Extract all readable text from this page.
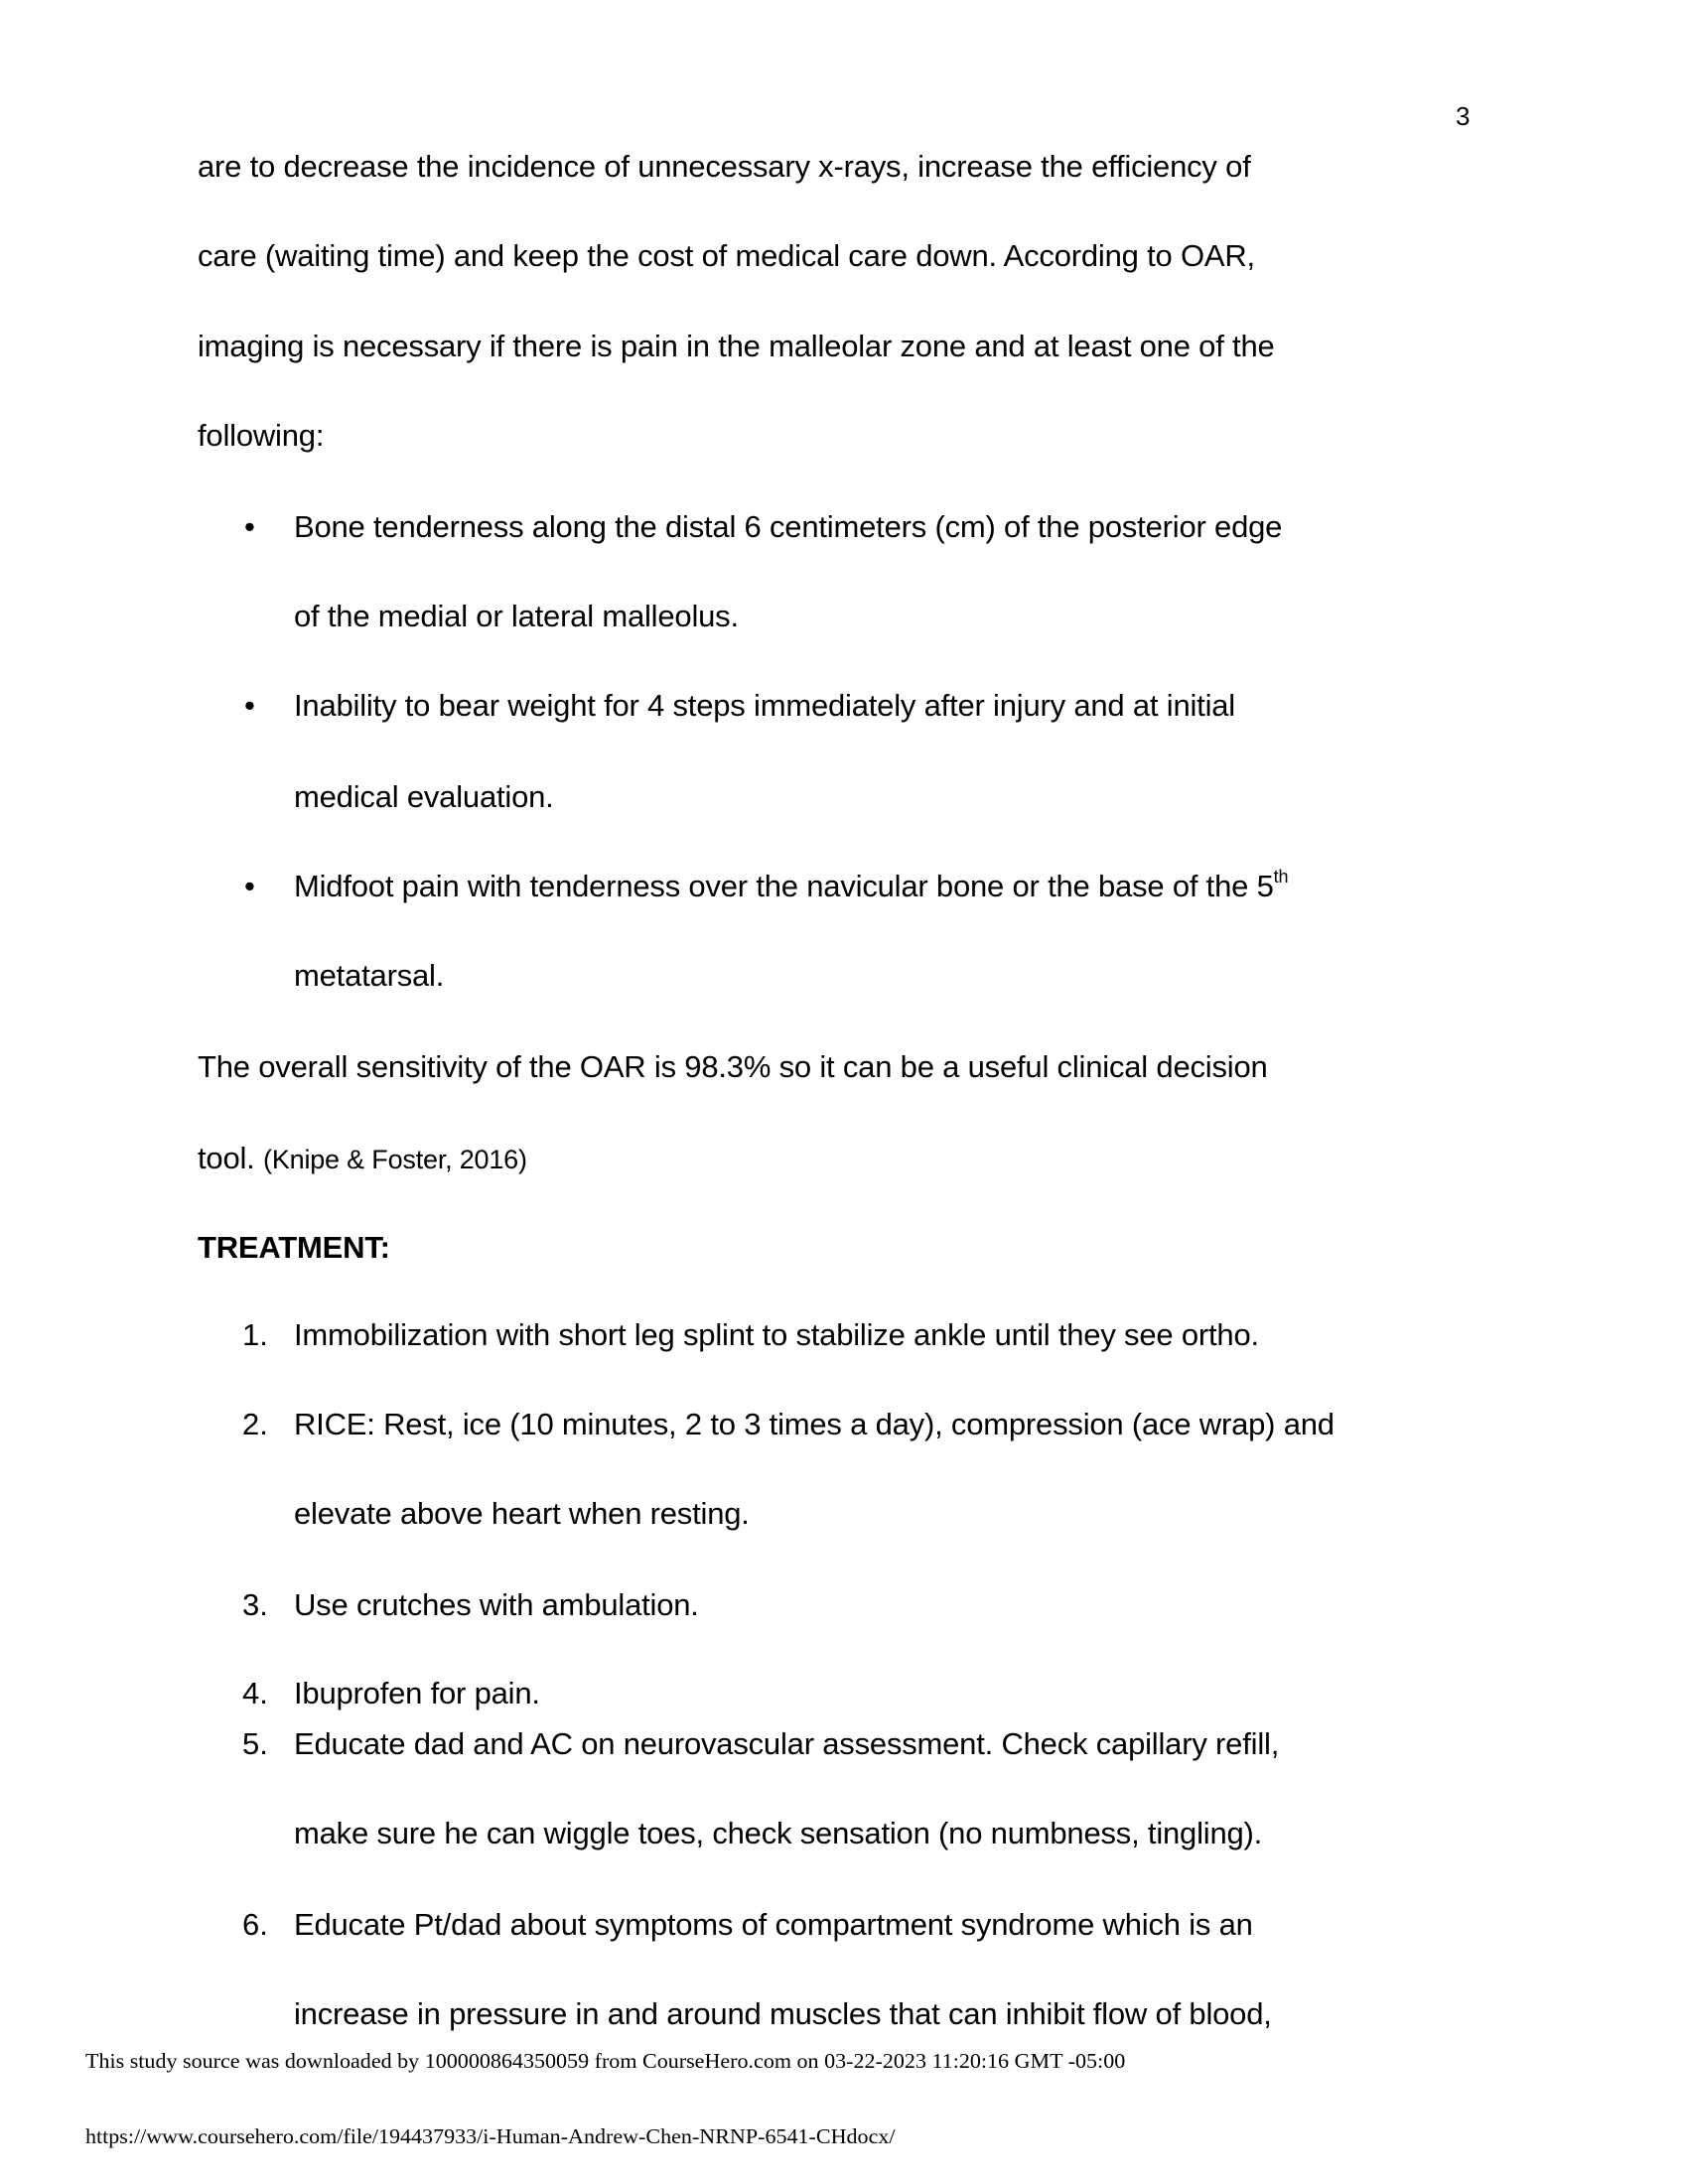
3
are to decrease the incidence of unnecessary x-rays, increase the efficiency of
care (waiting time) and keep the cost of medical care down. According to OAR,
imaging is necessary if there is pain in the malleolar zone and at least one of the
following:
• Bone tenderness along the distal 6 centimeters (cm) of the posterior edge
of the medial or lateral malleolus.
• Inability to bear weight for 4 steps immediately after injury and at initial
medical evaluation.
• Midfoot pain with tenderness over the navicular bone or the base of the 5th
metatarsal.
The overall sensitivity of the OAR is 98.3% so it can be a useful clinical decision
tool. (Knipe & Foster, 2016)
TREATMENT:
1. Immobilization with short leg splint to stabilize ankle until they see ortho.
2. RICE: Rest, ice (10 minutes, 2 to 3 times a day), compression (ace wrap) and
elevate above heart when resting.
3. Use crutches with ambulation.
4. Ibuprofen for pain.
5. Educate dad and AC on neurovascular assessment. Check capillary refill,
make sure he can wiggle toes, check sensation (no numbness, tingling).
6. Educate Pt/dad about symptoms of compartment syndrome which is an
increase in pressure in and around muscles that can inhibit flow of blood,
This study source was downloaded by 100000864350059 from CourseHero.com on 03-22-2023 11:20:16 GMT -05:00
https://www.coursehero.com/file/194437933/i-Human-Andrew-Chen-NRNP-6541-CHdocx/
